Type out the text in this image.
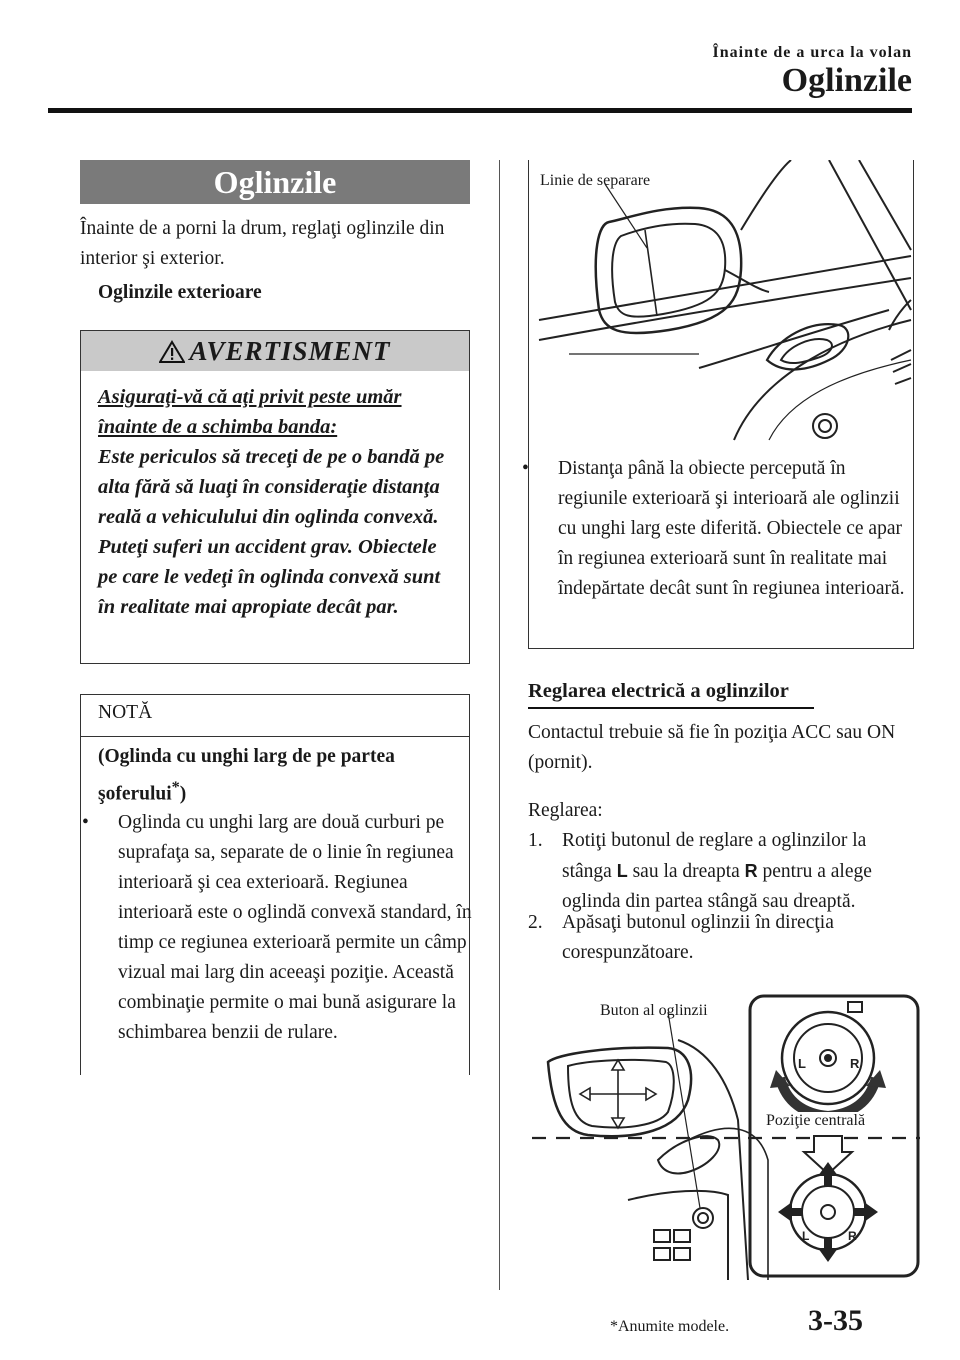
Înainte de a urca la volan
Oglinzile
Oglinzile
Înainte de a porni la drum, reglaţi oglinzile din interior şi exterior.
Oglinzile exterioare
AVERTISMENT
Asiguraţi-vă că aţi privit peste umăr
înainte de a schimba banda:
Este periculos să treceţi de pe o bandă pe alta fără să luaţi în consideraţie distanţa reală a vehiculului din oglinda convexă. Puteţi suferi un accident grav. Obiectele pe care le vedeţi în oglinda convexă sunt în realitate mai apropiate decât par.
NOTĂ
(Oglinda cu unghi larg de pe partea şoferului*)
• Oglinda cu unghi larg are două curburi pe suprafaţa sa, separate de o linie în regiunea interioară şi cea exterioară. Regiunea interioară este o oglindă convexă standard, în timp ce regiunea exterioară permite un câmp vizual mai larg din aceeaşi poziţie. Această combinaţie permite o mai bună asigurare la schimbarea benzii de rulare.
Linie de separare
• Distanţa până la obiecte percepută în regiunile exterioară şi interioară ale oglinzii cu unghi larg este diferită. Obiectele ce apar în regiunea exterioară sunt în realitate mai îndepărtate decât sunt în regiunea interioară.
Reglarea electrică a oglinzilor
Contactul trebuie să fie în poziţia ACC sau ON (pornit).
Reglarea:
1. Rotiţi butonul de reglare a oglinzilor la
stânga L sau la dreapta R pentru a alege
oglinda din partea stângă sau dreaptă.
2. Apăsaţi butonul oglinzii în direcţia
corespunzătoare.
L	R
L	R
Buton al oglinzii
Poziţie centrală
*Anumite modele.	3-35
